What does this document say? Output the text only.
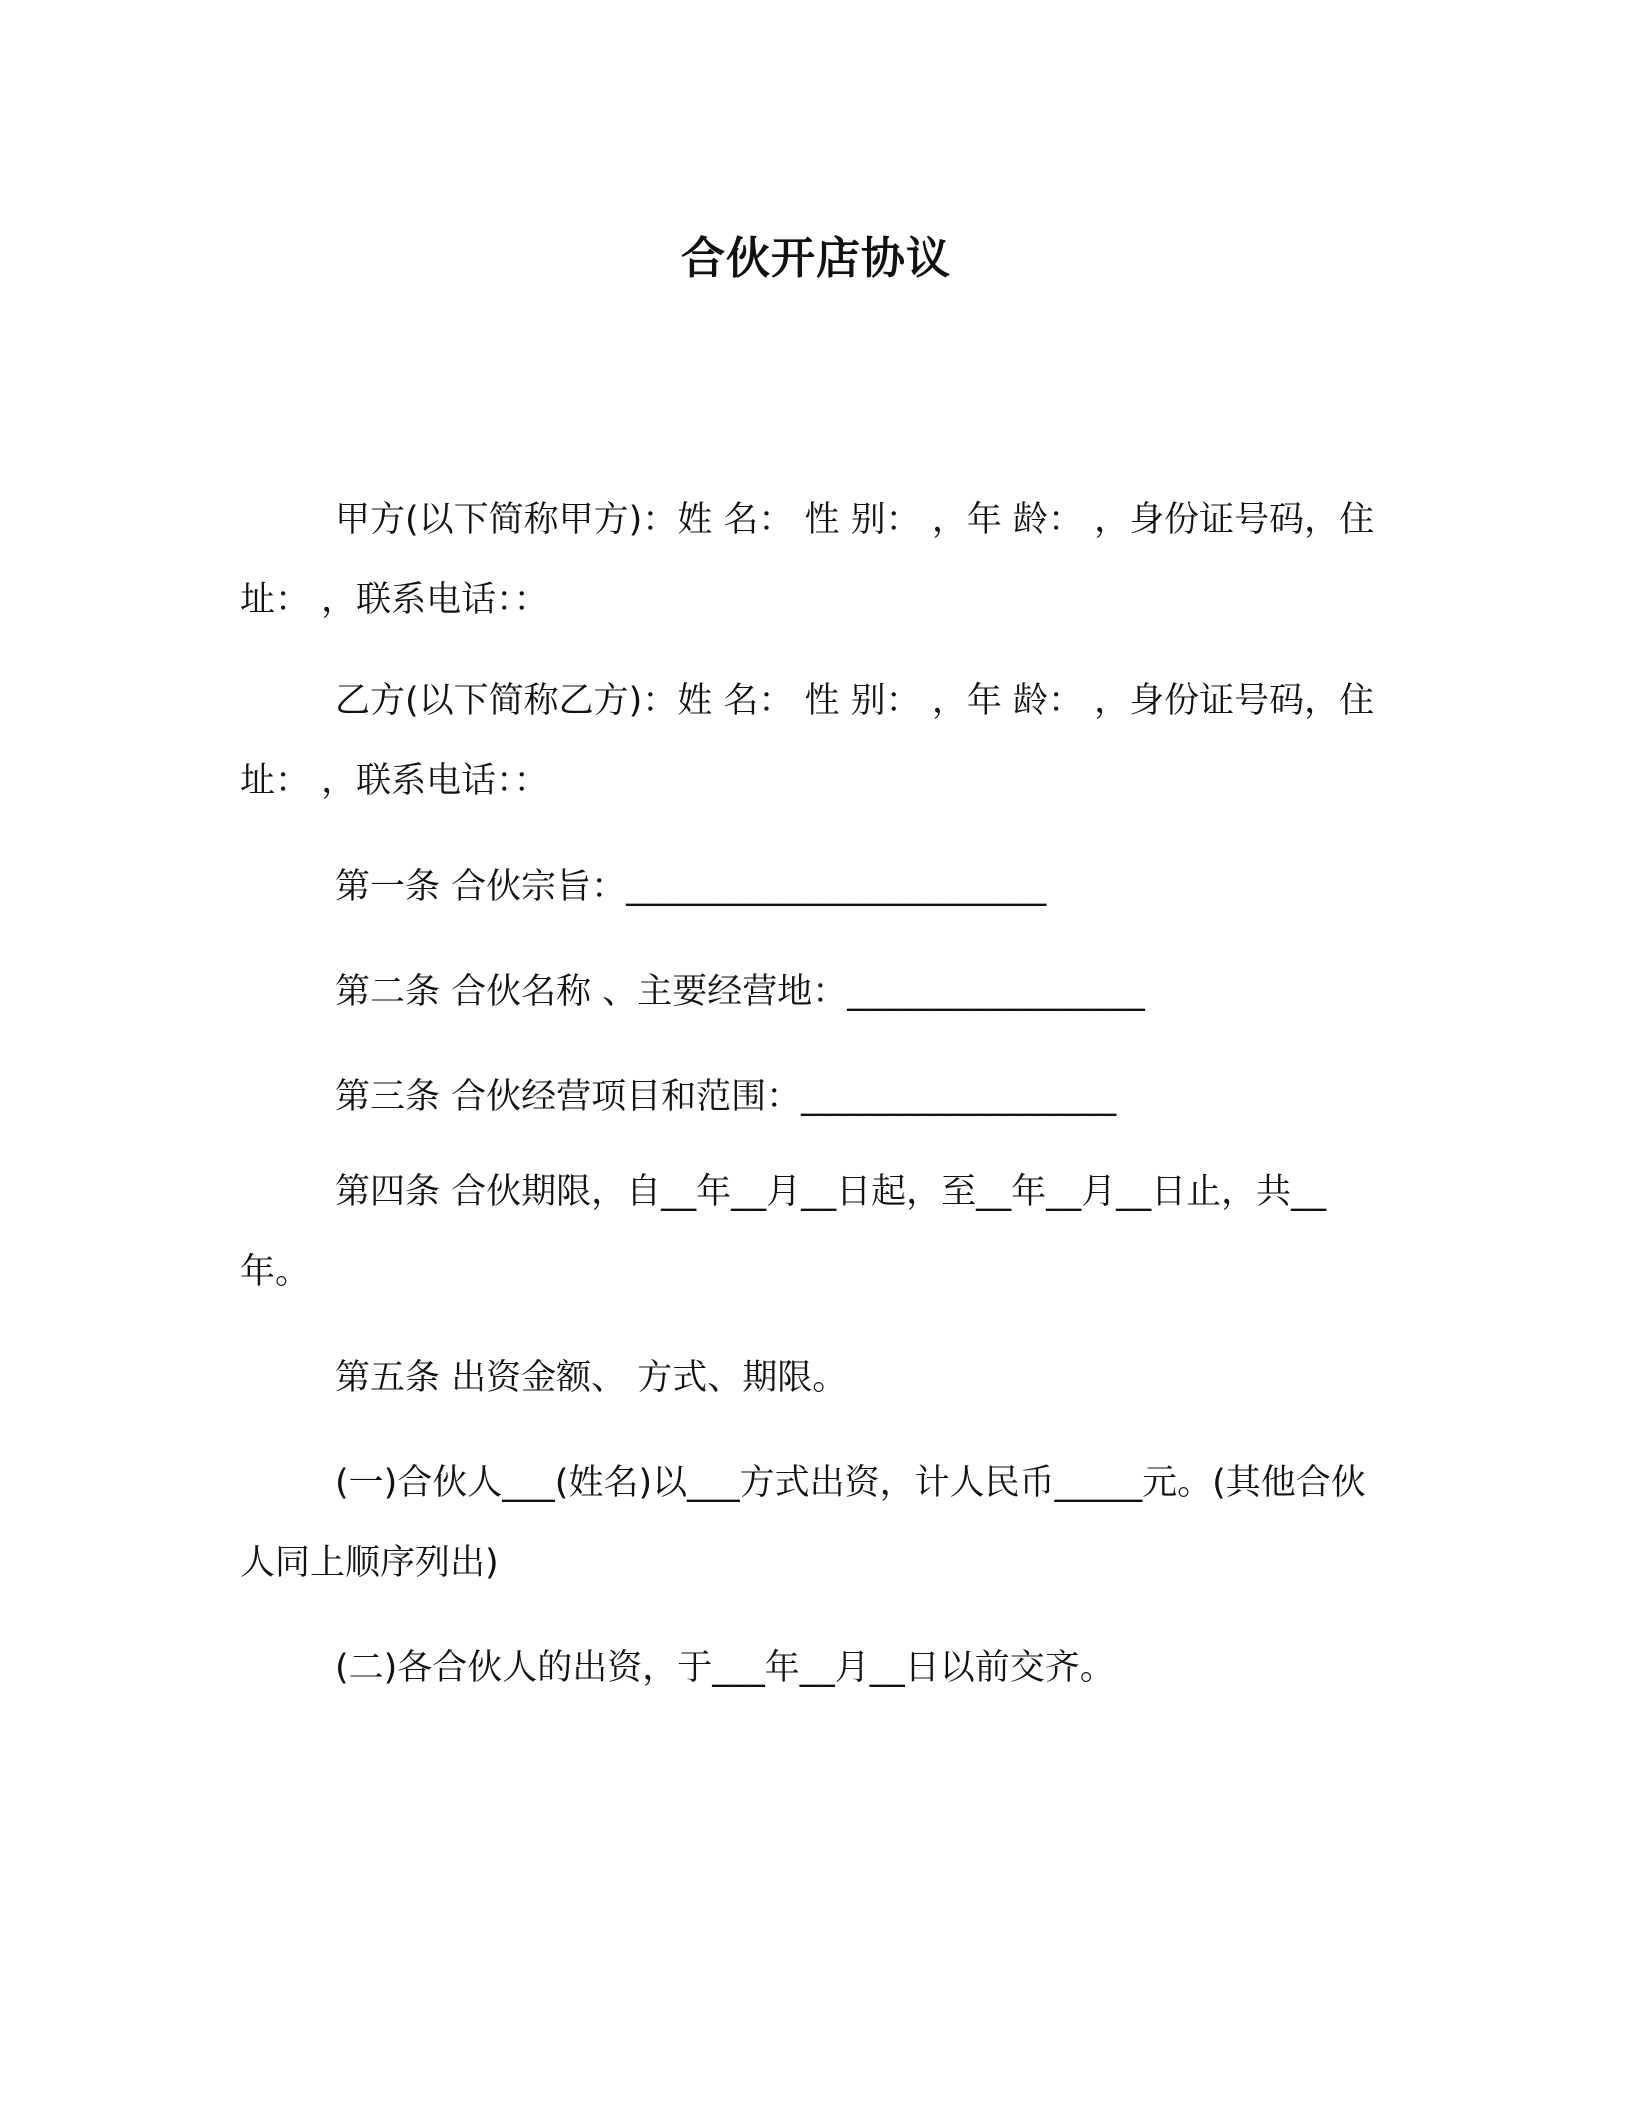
合伙开店协议

甲方(以下简称甲方)：姓 名： 性 别： ，年 龄： ，身份证号码，住 址： ，联系电话：：

乙方(以下简称乙方)：姓 名： 性 别： ，年 龄： ，身份证号码，住 址： ，联系电话：：

第一条 合伙宗旨：________________________

第二条 合伙名称 、主要经营地：_________________

第三条 合伙经营项目和范围：__________________

第四条 合伙期限，自__年__月__日起，至__年__月__日止，共__年。

第五条 出资金额、 方式、期限。

(一)合伙人___(姓名)以___方式出资，计人民币_____元。(其他合伙人同上顺序列出)

(二)各合伙人的出资，于___年__月__日以前交齐。
